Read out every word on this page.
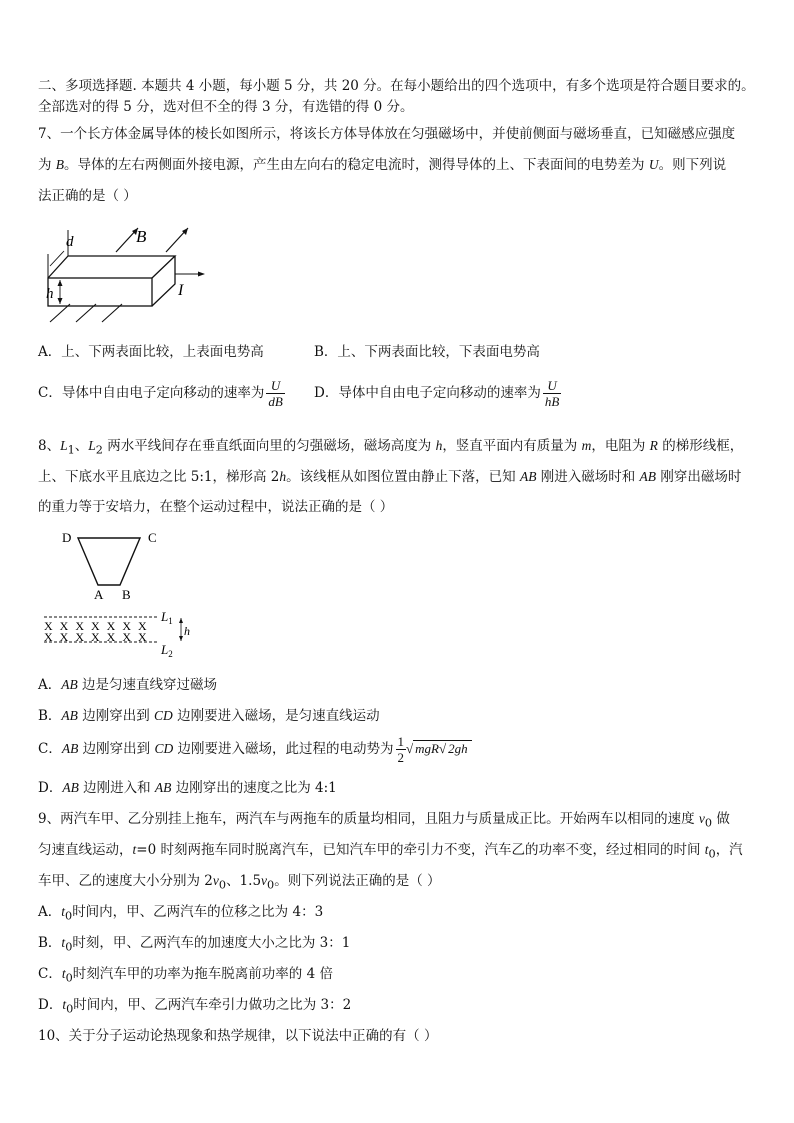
二、多项选择题. 本题共 4 小题，每小题 5 分，共 20 分。在每小题给出的四个选项中，有多个选项是符合题目要求的。
全部选对的得 5 分，选对但不全的得 3 分，有选错的得 0 分。
7、一个长方体金属导体的棱长如图所示，将该长方体导体放在匀强磁场中，并使前侧面与磁场垂直，已知磁感应强度
为 B。导体的左右两侧面外接电源，产生由左向右的稳定电流时，测得导体的上、下表面间的电势差为 U。则下列说
法正确的是（ ）
d	B
h	I
A．上、下两表面比较，上表面电势高	B．上、下两表面比较，下表面电势高
C．导体中自由电子定向移动的速率为 $\frac{U}{dB}$ D．导体中自由电子定向移动的速率为 $\frac{U}{hB}$
8、$L_1$、$L_2$ 两水平线间存在垂直纸面向里的匀强磁场，磁场高度为 h，竖直平面内有质量为 m，电阻为 R 的梯形线框，
上、下底水平且底边之比 5:1，梯形高 2h。该线框从如图位置由静止下落，已知 AB 刚进入磁场时和 AB 刚穿出磁场时
的重力等于安培力，在整个运动过程中，说法正确的是（ ）
D	C
A B
X X X X X X X
X X X X X X X
$L_1$
$L_2$
h
A．AB 边是匀速直线穿过磁场
B．AB 边刚穿出到 CD 边刚要进入磁场，是匀速直线运动
C．AB 边刚穿出到 CD 边刚要进入磁场，此过程的电动势为 $\frac{1}{2}$ √ mgR√ 2gh
D．AB 边刚进入和 AB 边刚穿出的速度之比为 4:1
9、两汽车甲、乙分别挂上拖车，两汽车与两拖车的质量均相同，且阻力与质量成正比。开始两车以相同的速度 $v_0$ 做
匀速直线运动，t=0 时刻两拖车同时脱离汽车，已知汽车甲的牵引力不变，汽车乙的功率不变，经过相同的时间 $t_0$，汽
车甲、乙的速度大小分别为 $2v_0$、$1.5v_0$。则下列说法正确的是（ ）
A．$t_0$时间内，甲、乙两汽车的位移之比为 4：3
B．$t_0$时刻，甲、乙两汽车的加速度大小之比为 3：1
C．$t_0$时刻汽车甲的功率为拖车脱离前功率的 4 倍
D．$t_0$时间内，甲、乙两汽车牵引力做功之比为 3：2
10、关于分子运动论热现象和热学规律，以下说法中正确的有（ ）
